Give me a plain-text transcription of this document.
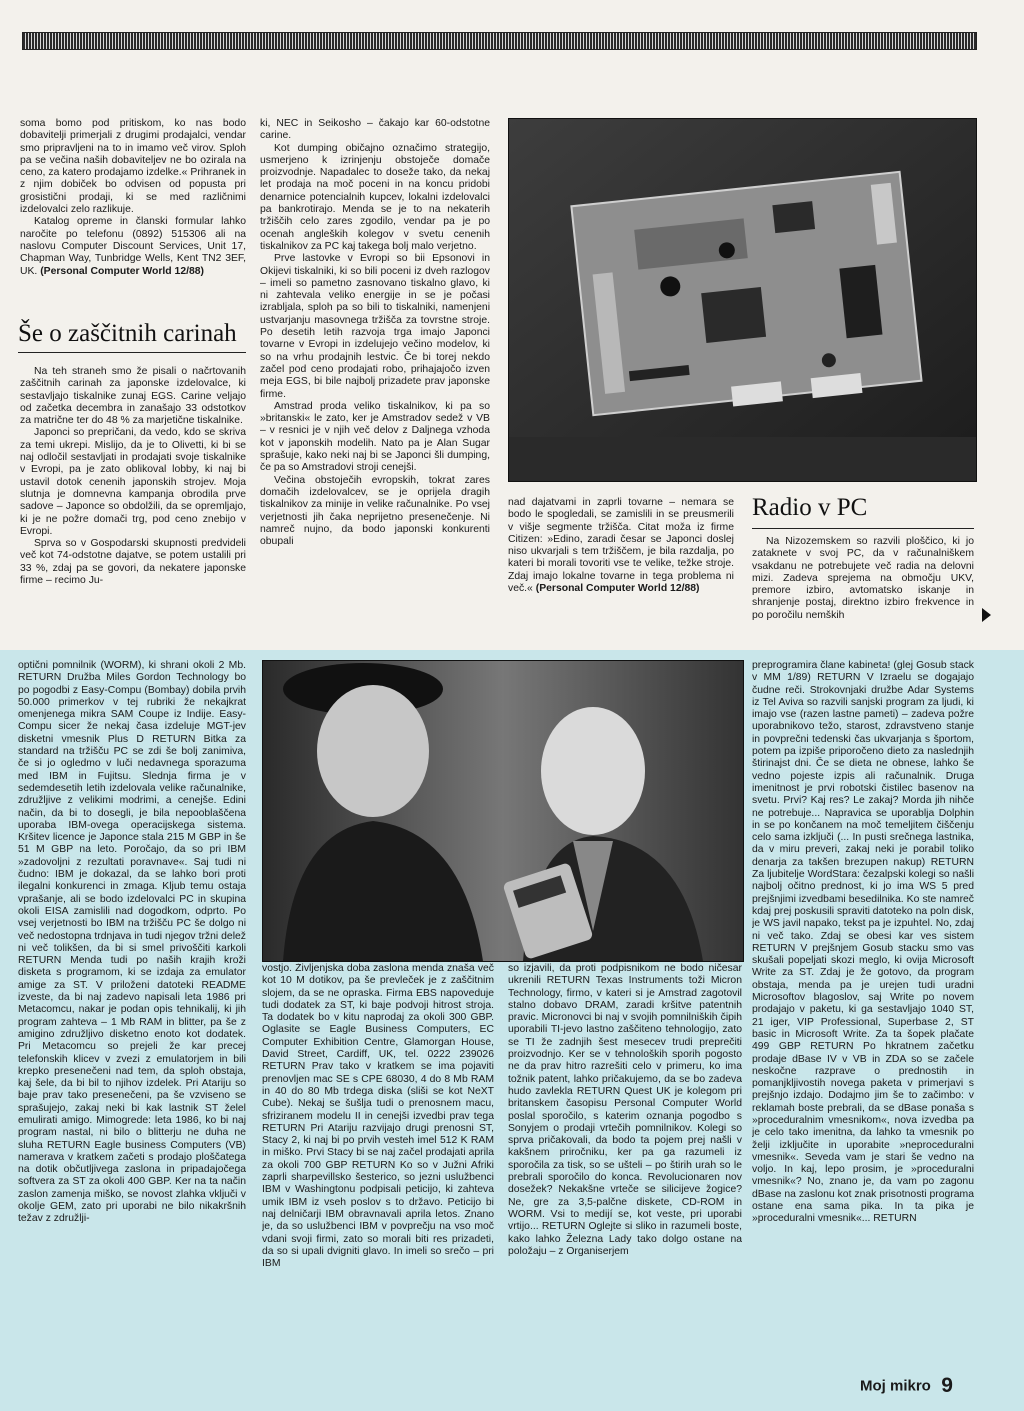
soma bomo pod pritiskom, ko nas bodo dobavitelji primerjali z drugimi prodajalci, vendar smo pripravljeni na to in imamo več virov. Sploh pa se večina naših dobaviteljev ne bo ozirala na ceno, za katero prodajamo izdelke.« Prihranek in z njim dobiček bo odvisen od popusta pri grosistični prodaji, ki se med različnimi izdelovalci zelo razlikuje.

Katalog opreme in članski formular lahko naročite po telefonu (0892) 515306 ali na naslovu Computer Discount Services, Unit 17, Chapman Way, Tunbridge Wells, Kent TN2 3EF, UK. (Personal Computer World 12/88)

Še o zaščitnih carinah

Na teh straneh smo že pisali o načrtovanih zaščitnih carinah za japonske izdelovalce, ki sestavljajo tiskalnike zunaj EGS. Carine veljajo od začetka decembra in zanašajo 33 odstotkov za matrične ter do 48 % za marjetične tiskalnike.

Japonci so prepričani, da vedo, kdo se skriva za temi ukrepi. Mislijo, da je to Olivetti, ki bi se naj odločil sestavljati in prodajati svoje tiskalnike v Evropi, pa je zato oblikoval lobby, ki naj bi ustavil dotok cenenih japonskih strojev. Moja slutnja je domnevna kampanja obrodila prve sadove – Japonce so obdolžili, da se opremljajo, ki je ne požre domači trg, pod ceno znebijo v Evropi.

Sprva so v Gospodarski skupnosti predvideli več kot 74-odstotne dajatve, se potem ustalili pri 33 %, zdaj pa se govori, da nekatere japonske firme – recimo Ju-

ki, NEC in Seikosho – čakajo kar 60-odstotne carine.

Kot dumping običajno označimo strategijo, usmerjeno k izrinjenju obstoječe domače proizvodnje. Napadalec to doseže tako, da nekaj let prodaja na moč poceni in na koncu pridobi denarnice potencialnih kupcev, lokalni izdelovalci pa bankrotirajo. Menda se je to na nekaterih tržiščih celo zares zgodilo, vendar pa je po ocenah angleških kolegov v svetu cenenih tiskalnikov za PC kaj takega bolj malo verjetno.

Prve lastovke v Evropi so bii Epsonovi in Okijevi tiskalniki, ki so bili poceni iz dveh razlogov – imeli so pametno zasnovano tiskalno glavo, ki ni zahtevala veliko energije in se je počasi izrabljala, sploh pa so bili to tiskalniki, namenjeni ustvarjanju masovnega tržišča za tovrstne stroje. Po desetih letih razvoja trga imajo Japonci tovarne v Evropi in izdelujejo večino modelov, ki so na vrhu prodajnih lestvic. Če bi torej nekdo začel pod ceno prodajati robo, prihajajočo izven meja EGS, bi bile najbolj prizadete prav japonske firme.

Amstrad proda veliko tiskalnikov, ki pa so »britanski« le zato, ker je Amstradov sedež v VB – v resnici je v njih več delov z Daljnega vzhoda kot v japonskih modelih. Nato pa je Alan Sugar sprašuje, kako neki naj bi se Japonci šli dumping, če pa so Amstradovi stroji cenejši.

Večina obstoječih evropskih, tokrat zares domačih izdelovalcev, se je oprijela dragih tiskalnikov za minije in velike računalnike. Po vsej verjetnosti jih čaka neprijetno presenečenje. Ni namreč nujno, da bodo japonski konkurenti obupali

nad dajatvami in zaprli tovarne – nemara se bodo le spogledali, se zamislili in se preusmerili v višje segmente tržišča. Citat moža iz firme Citizen: »Edino, zaradi česar se Japonci doslej niso ukvarjali s tem tržiščem, je bila razdalja, po kateri bi morali tovoriti vse te velike, težke stroje. Zdaj imajo lokalne tovarne in tega problema ni več.« (Personal Computer World 12/88)

Radio v PC

Na Nizozemskem so razvili ploščico, ki jo zataknete v svoj PC, da v računalniškem vsakdanu ne potrebujete več radia na delovni mizi. Zadeva sprejema na območju UKV, premore izbiro, avtomatsko iskanje in shranjenje postaj, direktno izbiro frekvence in po poročilu nemških

optični pomnilnik (WORM), ki shrani okoli 2 Mb. RETURN Družba Miles Gordon Technology bo po pogodbi z Easy-Compu (Bombay) dobila prvih 50.000 primerkov v tej rubriki že nekajkrat omenjenega mikra SAM Coupe iz Indije. Easy-Compu sicer že nekaj časa izdeluje MGT-jev disketni vmesnik Plus D RETURN Bitka za standard na tržišču PC se zdi še bolj zanimiva, če si jo ogledmo v luči nedavnega sporazuma med IBM in Fujitsu. Slednja firma je v sedemdesetih letih izdelovala velike računalnike, združljive z velikimi modrimi, a cenejše. Edini način, da bi to dosegli, je bila nepooblaščena uporaba IBM-ovega operacijskega sistema. Kršitev licence je Japonce stala 215 M GBP in še 51 M GBP na leto. Poročajo, da so pri IBM »zadovoljni z rezultati poravnave«. Saj tudi ni čudno: IBM je dokazal, da se lahko bori proti ilegalni konkurenci in zmaga. Kljub temu ostaja vprašanje, ali se bodo izdelovalci PC in skupina okoli EISA zamislili nad dogodkom, odprto. Po vsej verjetnosti bo IBM na tržišču PC še dolgo ni več nedostopna trdnjava in tudi njegov tržni delež ni več tolikšen, da bi si smel privoščiti karkoli RETURN Menda tudi po naših krajih kroži disketa s programom, ki se izdaja za emulator amige za ST. V priloženi datoteki README izveste, da bi naj zadevo napisali leta 1986 pri Metacomcu, nakar je podan opis tehnikalij, ki jih program zahteva – 1 Mb RAM in blitter, pa še z amigino združljivo disketno enoto kot dodatek. Pri Metacomcu so prejeli že kar precej telefonskih klicev v zvezi z emulatorjem in bili krepko presenečeni nad tem, da sploh obstaja, kaj šele, da bi bil to njihov izdelek. Pri Atariju so baje prav tako presenečeni, pa še vzviseno se sprašujejo, zakaj neki bi kak lastnik ST želel emulirati amigo. Mimogrede: leta 1986, ko bi naj program nastal, ni bilo o blitterju ne duha ne sluha RETURN Eagle business Computers (VB) namerava v kratkem začeti s prodajo ploščatega na dotik občutljivega zaslona in pripadajočega softvera za ST za okoli 400 GBP. Ker na ta način zaslon zamenja miško, se novost zlahka vključi v okolje GEM, zato pri uporabi ne bilo nikakršnih težav z združlji-

vostjo. Življenjska doba zaslona menda znaša več kot 10 M dotikov, pa še prevleček je z zaščitnim slojem, da se ne opraska. Firma EBS napoveduje tudi dodatek za ST, ki baje podvoji hitrost stroja. Ta dodatek bo v kitu naprodaj za okoli 300 GBP. Oglasite se Eagle Business Computers, EC Computer Exhibition Centre, Glamorgan House, David Street, Cardiff, UK, tel. 0222 239026 RETURN Prav tako v kratkem se ima pojaviti prenovljen mac SE s CPE 68030, 4 do 8 Mb RAM in 40 do 80 Mb trdega diska (sliši se kot NeXT Cube). Nekaj se šušlja tudi o prenosnem macu, sfriziranem modelu II in cenejši izvedbi prav tega RETURN Pri Atariju razvijajo drugi prenosni ST, Stacy 2, ki naj bi po prvih vesteh imel 512 K RAM in miško. Prvi Stacy bi se naj začel prodajati aprila za okoli 700 GBP RETURN Ko so v Južni Afriki zaprli sharpevillsko šesterico, so jezni uslužbenci IBM v Washingtonu podpisali peticijo, ki zahteva umik IBM iz vseh poslov s to državo. Peticijo bi naj delničarji IBM obravnavali aprila letos. Znano je, da so uslužbenci IBM v povprečju na vso moč vdani svoji firmi, zato so morali biti res prizadeti, da so si upali dvigniti glavo. In imeli so srečo – pri IBM

so izjavili, da proti podpisnikom ne bodo ničesar ukrenili RETURN Texas Instruments toži Micron Technology, firmo, v kateri si je Amstrad zagotovil stalno dobavo DRAM, zaradi kršitve patentnih pravic. Micronovci bi naj v svojih pomnilniških čipih uporabili TI-jevo lastno zaščiteno tehnologijo, zato se TI že zadnjih šest mesecev trudi preprečiti proizvodnjo. Ker se v tehnoloških sporih pogosto ne da prav hitro razrešiti celo v primeru, ko ima tožnik patent, lahko pričakujemo, da se bo zadeva hudo zavlekla RETURN Quest UK je kolegom pri britanskem časopisu Personal Computer World poslal sporočilo, s katerim oznanja pogodbo s Sonyjem o prodaji vrtečih pomnilnikov. Kolegi so sprva pričakovali, da bodo ta pojem prej našli v kakšnem priročniku, ker pa ga razumeli iz sporočila za tisk, so se ušteli – po štirih urah so le prebrali sporočilo do konca. Revolucionaren nov dosežek? Nekakšne vrteče se silicijeve žogice? Ne, gre za 3,5-palčne diskete, CD-ROM in WORM. Vsi to medijí se, kot veste, pri uporabi vrtijo... RETURN Oglejte si sliko in razumeli boste, kako lahko Železna Lady tako dolgo ostane na položaju – z Organiserjem

preprogramira člane kabineta! (glej Gosub stack v MM 1/89) RETURN V Izraelu se dogajajo čudne reči. Strokovnjaki družbe Adar Systems iz Tel Aviva so razvili sanjski program za ljudi, ki imajo vse (razen lastne pameti) – zadeva požre uporabnikovo težo, starost, zdravstveno stanje in povprečni tedenski čas ukvarjanja s športom, potem pa izpiše priporočeno dieto za naslednjih štirinajst dni. Če se dieta ne obnese, lahko še vedno pojeste izpis ali računalnik. Druga imenitnost je prvi robotski čistilec basenov na svetu. Prvi? Kaj res? Le zakaj? Morda jih nihče ne potrebuje... Napravica se uporablja Dolphin in se po končanem na moč temeljitem čiščenju celo sama izključi (... In pusti srečnega lastnika, da v miru preveri, zakaj neki je porabil toliko denarja za takšen brezupen nakup) RETURN Za ljubitelje WordStara: čezalpski kolegi so našli najbolj očitno prednost, ki jo ima WS 5 pred prejšnjimi izvedbami besedilnika. Ko ste namreč kdaj prej poskusili spraviti datoteko na poln disk, je WS javil napako, tekst pa je izpuhtel. No, zdaj ni več tako. Zdaj se obesi kar ves sistem RETURN V prejšnjem Gosub stacku smo vas skušali popeljati skozi meglo, ki ovija Microsoft Write za ST. Zdaj je že gotovo, da program obstaja, menda pa je urejen tudi uradni Microsoftov blagoslov, saj Write po novem prodajajo v paketu, ki ga sestavljajo 1040 ST, 21 iger, VIP Professional, Superbase 2, ST basic in Microsoft Write. Za ta šopek plačate 499 GBP RETURN Po hkratnem začetku prodaje dBase IV v VB in ZDA so se začele neskočne razprave o prednostih in pomanjkljivostih novega paketa v primerjavi s prejšnjo izdajo. Dodajmo jim še to začimbo: v reklamah boste prebrali, da se dBase ponaša s »proceduralnim vmesnikom«, nova izvedba pa je celo tako imenitna, da lahko ta vmesnik po želji izključite in uporabite »neproceduralni vmesnik«. Seveda vam je stari še vedno na voljo. In kaj, lepo prosim, je »proceduralni vmesnik«? No, znano je, da vam po zagonu dBase na zaslonu kot znak prisotnosti programa ostane ena sama pika. In ta pika je »proceduralni vmesnik«... RETURN

Moj mikro 9
